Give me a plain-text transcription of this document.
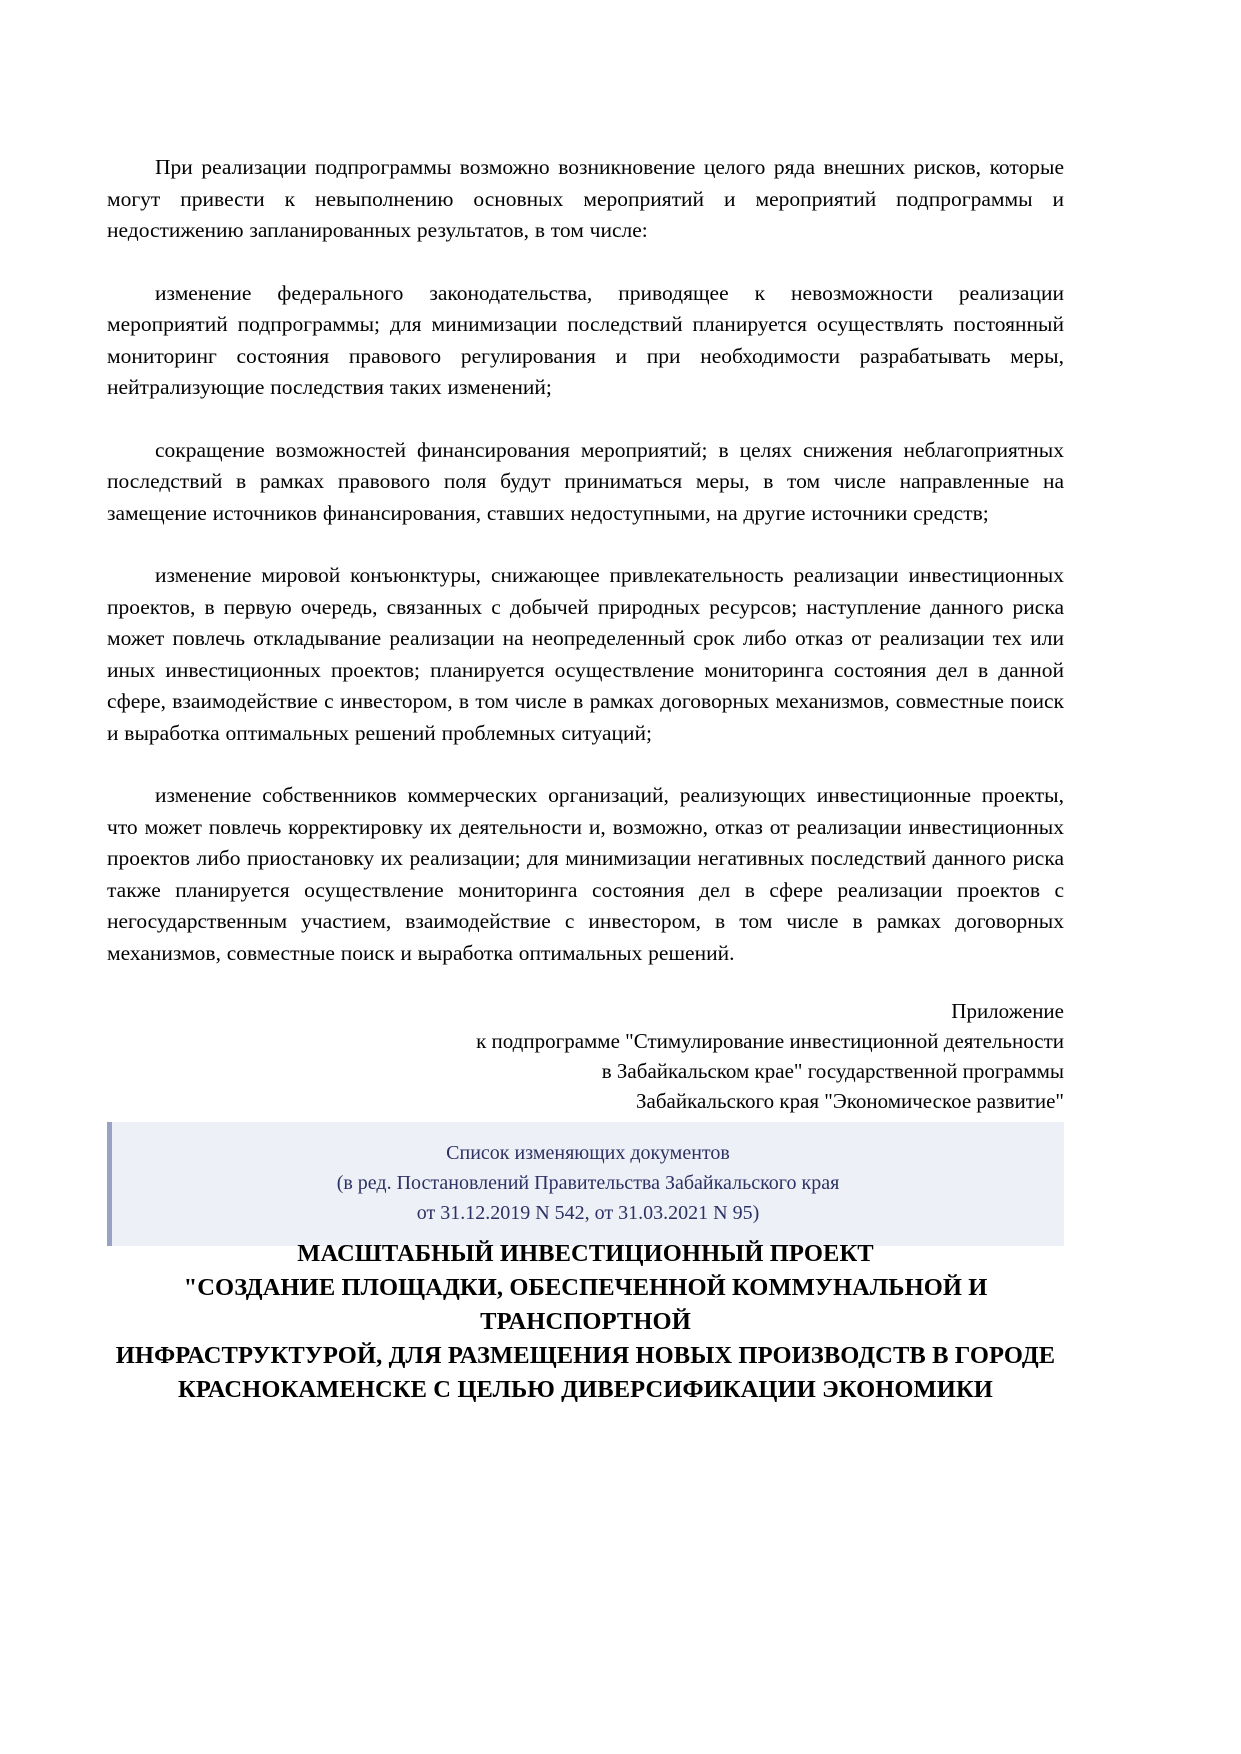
При реализации подпрограммы возможно возникновение целого ряда внешних рисков, которые могут привести к невыполнению основных мероприятий и мероприятий подпрограммы и недостижению запланированных результатов, в том числе:

изменение федерального законодательства, приводящее к невозможности реализации мероприятий подпрограммы; для минимизации последствий планируется осуществлять постоянный мониторинг состояния правового регулирования и при необходимости разрабатывать меры, нейтрализующие последствия таких изменений;

сокращение возможностей финансирования мероприятий; в целях снижения неблагоприятных последствий в рамках правового поля будут приниматься меры, в том числе направленные на замещение источников финансирования, ставших недоступными, на другие источники средств;

изменение мировой конъюнктуры, снижающее привлекательность реализации инвестиционных проектов, в первую очередь, связанных с добычей природных ресурсов; наступление данного риска может повлечь откладывание реализации на неопределенный срок либо отказ от реализации тех или иных инвестиционных проектов; планируется осуществление мониторинга состояния дел в данной сфере, взаимодействие с инвестором, в том числе в рамках договорных механизмов, совместные поиск и выработка оптимальных решений проблемных ситуаций;

изменение собственников коммерческих организаций, реализующих инвестиционные проекты, что может повлечь корректировку их деятельности и, возможно, отказ от реализации инвестиционных проектов либо приостановку их реализации; для минимизации негативных последствий данного риска также планируется осуществление мониторинга состояния дел в сфере реализации проектов с негосударственным участием, взаимодействие с инвестором, в том числе в рамках договорных механизмов, совместные поиск и выработка оптимальных решений.

Приложение
к подпрограмме "Стимулирование инвестиционной деятельности
в Забайкальском крае" государственной программы
Забайкальского края "Экономическое развитие"
Список изменяющих документов
(в ред. Постановлений Правительства Забайкальского края
от 31.12.2019 N 542, от 31.03.2021 N 95)
МАСШТАБНЫЙ ИНВЕСТИЦИОННЫЙ ПРОЕКТ
"СОЗДАНИЕ ПЛОЩАДКИ, ОБЕСПЕЧЕННОЙ КОММУНАЛЬНОЙ И ТРАНСПОРТНОЙ
ИНФРАСТРУКТУРОЙ, ДЛЯ РАЗМЕЩЕНИЯ НОВЫХ ПРОИЗВОДСТВ В ГОРОДЕ
КРАСНОКАМЕНСКЕ С ЦЕЛЬЮ ДИВЕРСИФИКАЦИИ ЭКОНОМИКИ
